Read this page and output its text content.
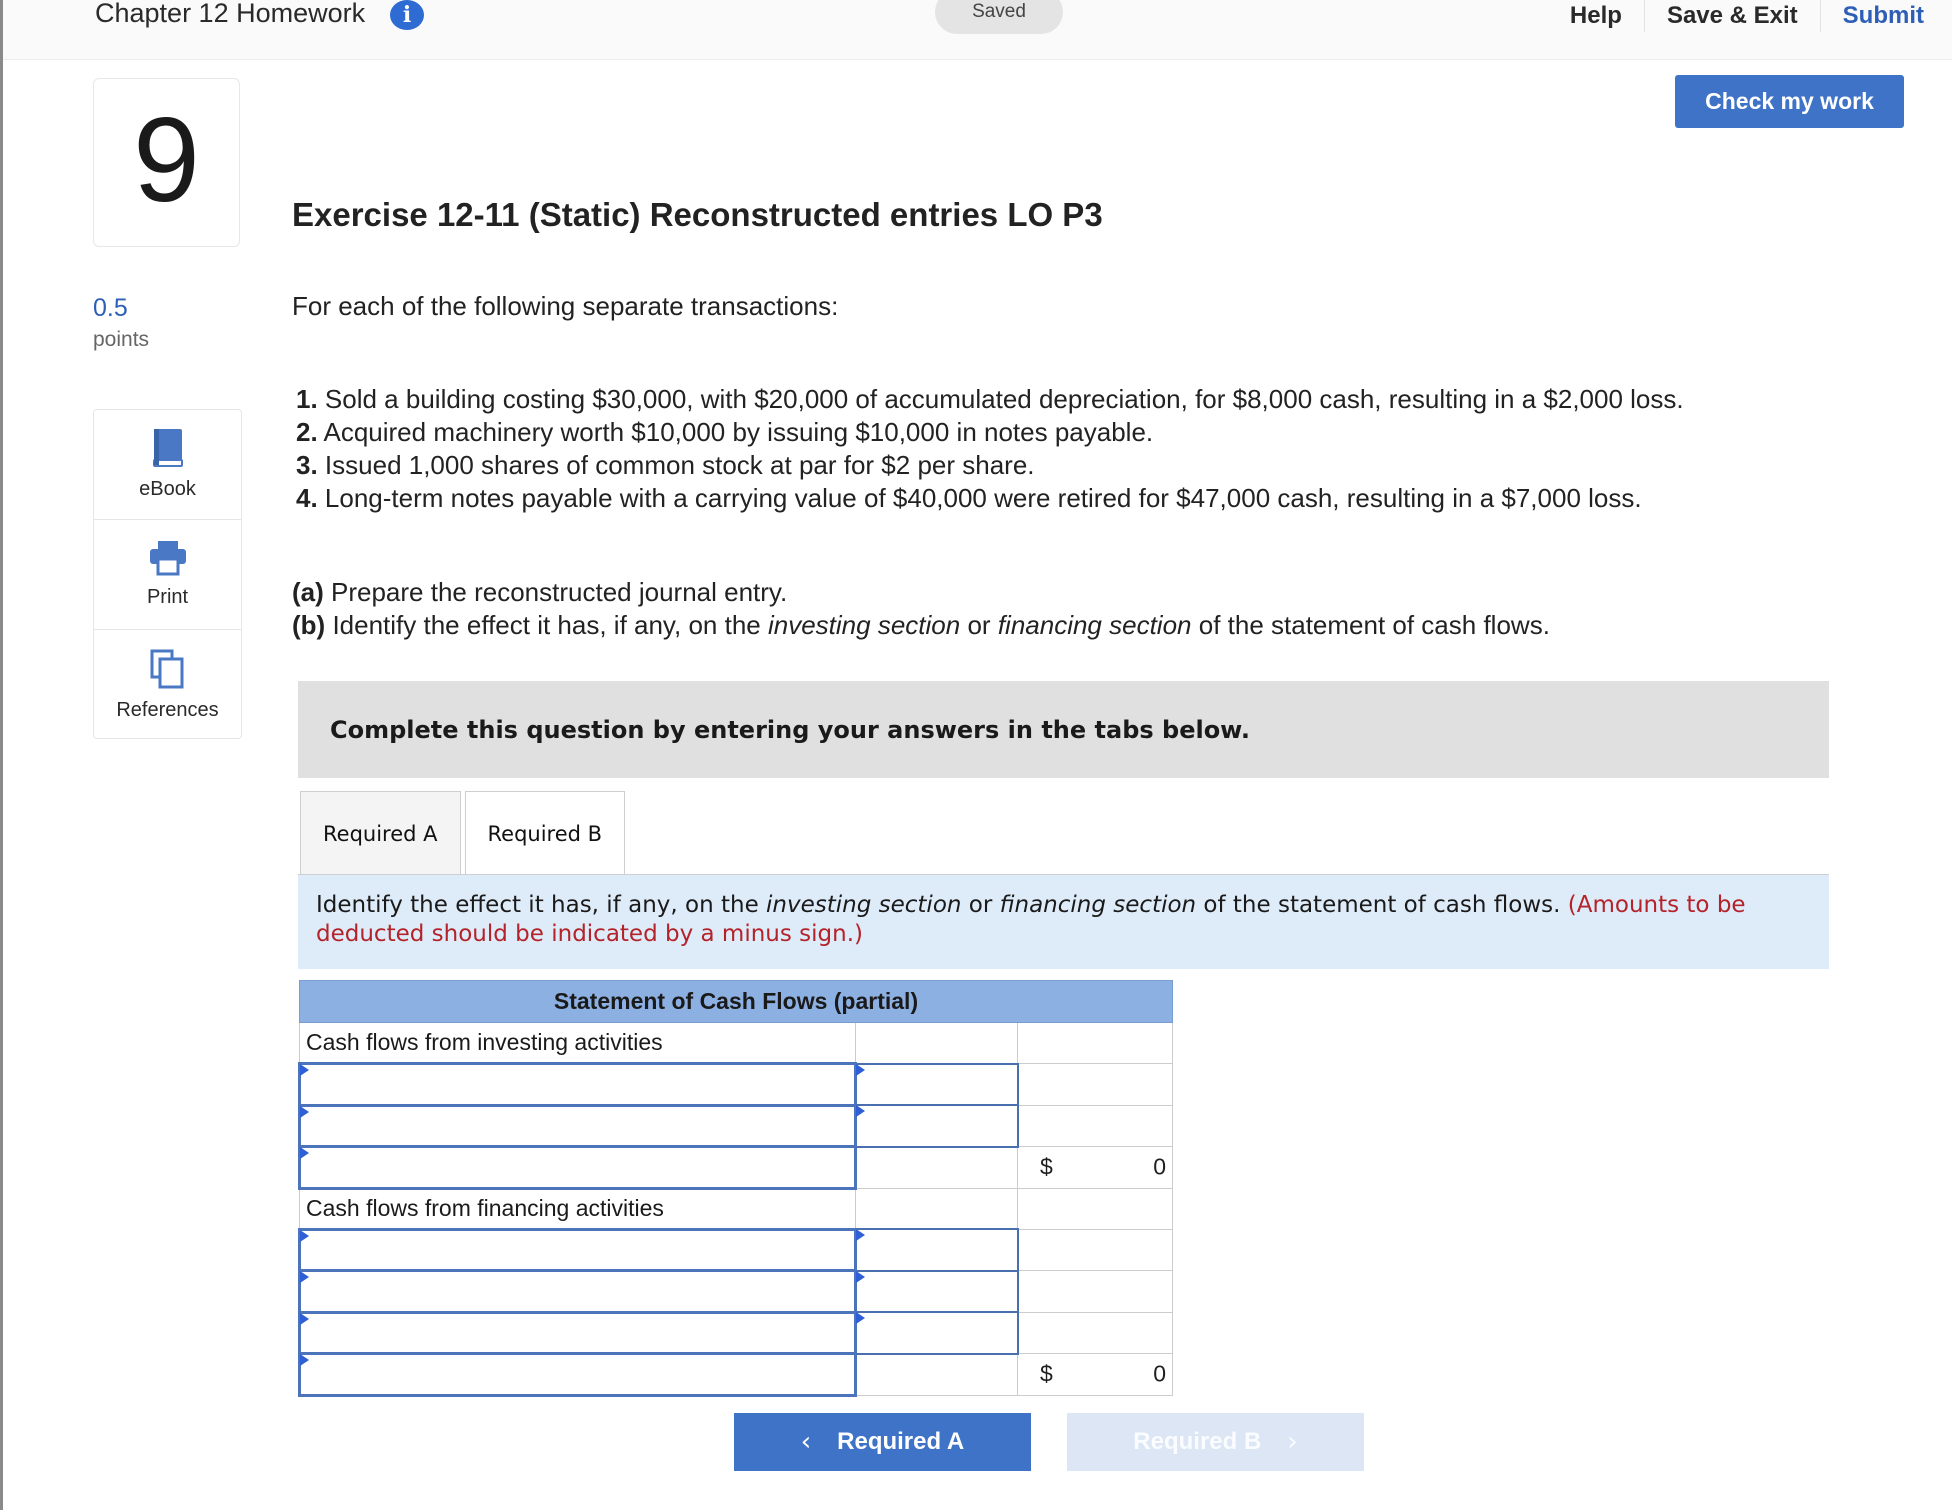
Chapter 12 Homework	i	Saved	Help	Save & Exit	Submit
9
0.5
points
eBook
Print
References
Check my work
Exercise 12-11 (Static) Reconstructed entries LO P3
For each of the following separate transactions:
1. Sold a building costing $30,000, with $20,000 of accumulated depreciation, for $8,000 cash, resulting in a $2,000 loss.
2. Acquired machinery worth $10,000 by issuing $10,000 in notes payable.
3. Issued 1,000 shares of common stock at par for $2 per share.
4. Long-term notes payable with a carrying value of $40,000 were retired for $47,000 cash, resulting in a $7,000 loss.
(a) Prepare the reconstructed journal entry.
(b) Identify the effect it has, if any, on the investing section or financing section of the statement of cash flows.
Complete this question by entering your answers in the tabs below.
Required A	Required B
Identify the effect it has, if any, on the investing section or financing section of the statement of cash flows. (Amounts to be deducted should be indicated by a minus sign.)
Statement of Cash Flows (partial)		
Cash flows from investing activities		

$ 0

Cash flows from financing activities		

$ 0
‹ Required A	Required B ›
